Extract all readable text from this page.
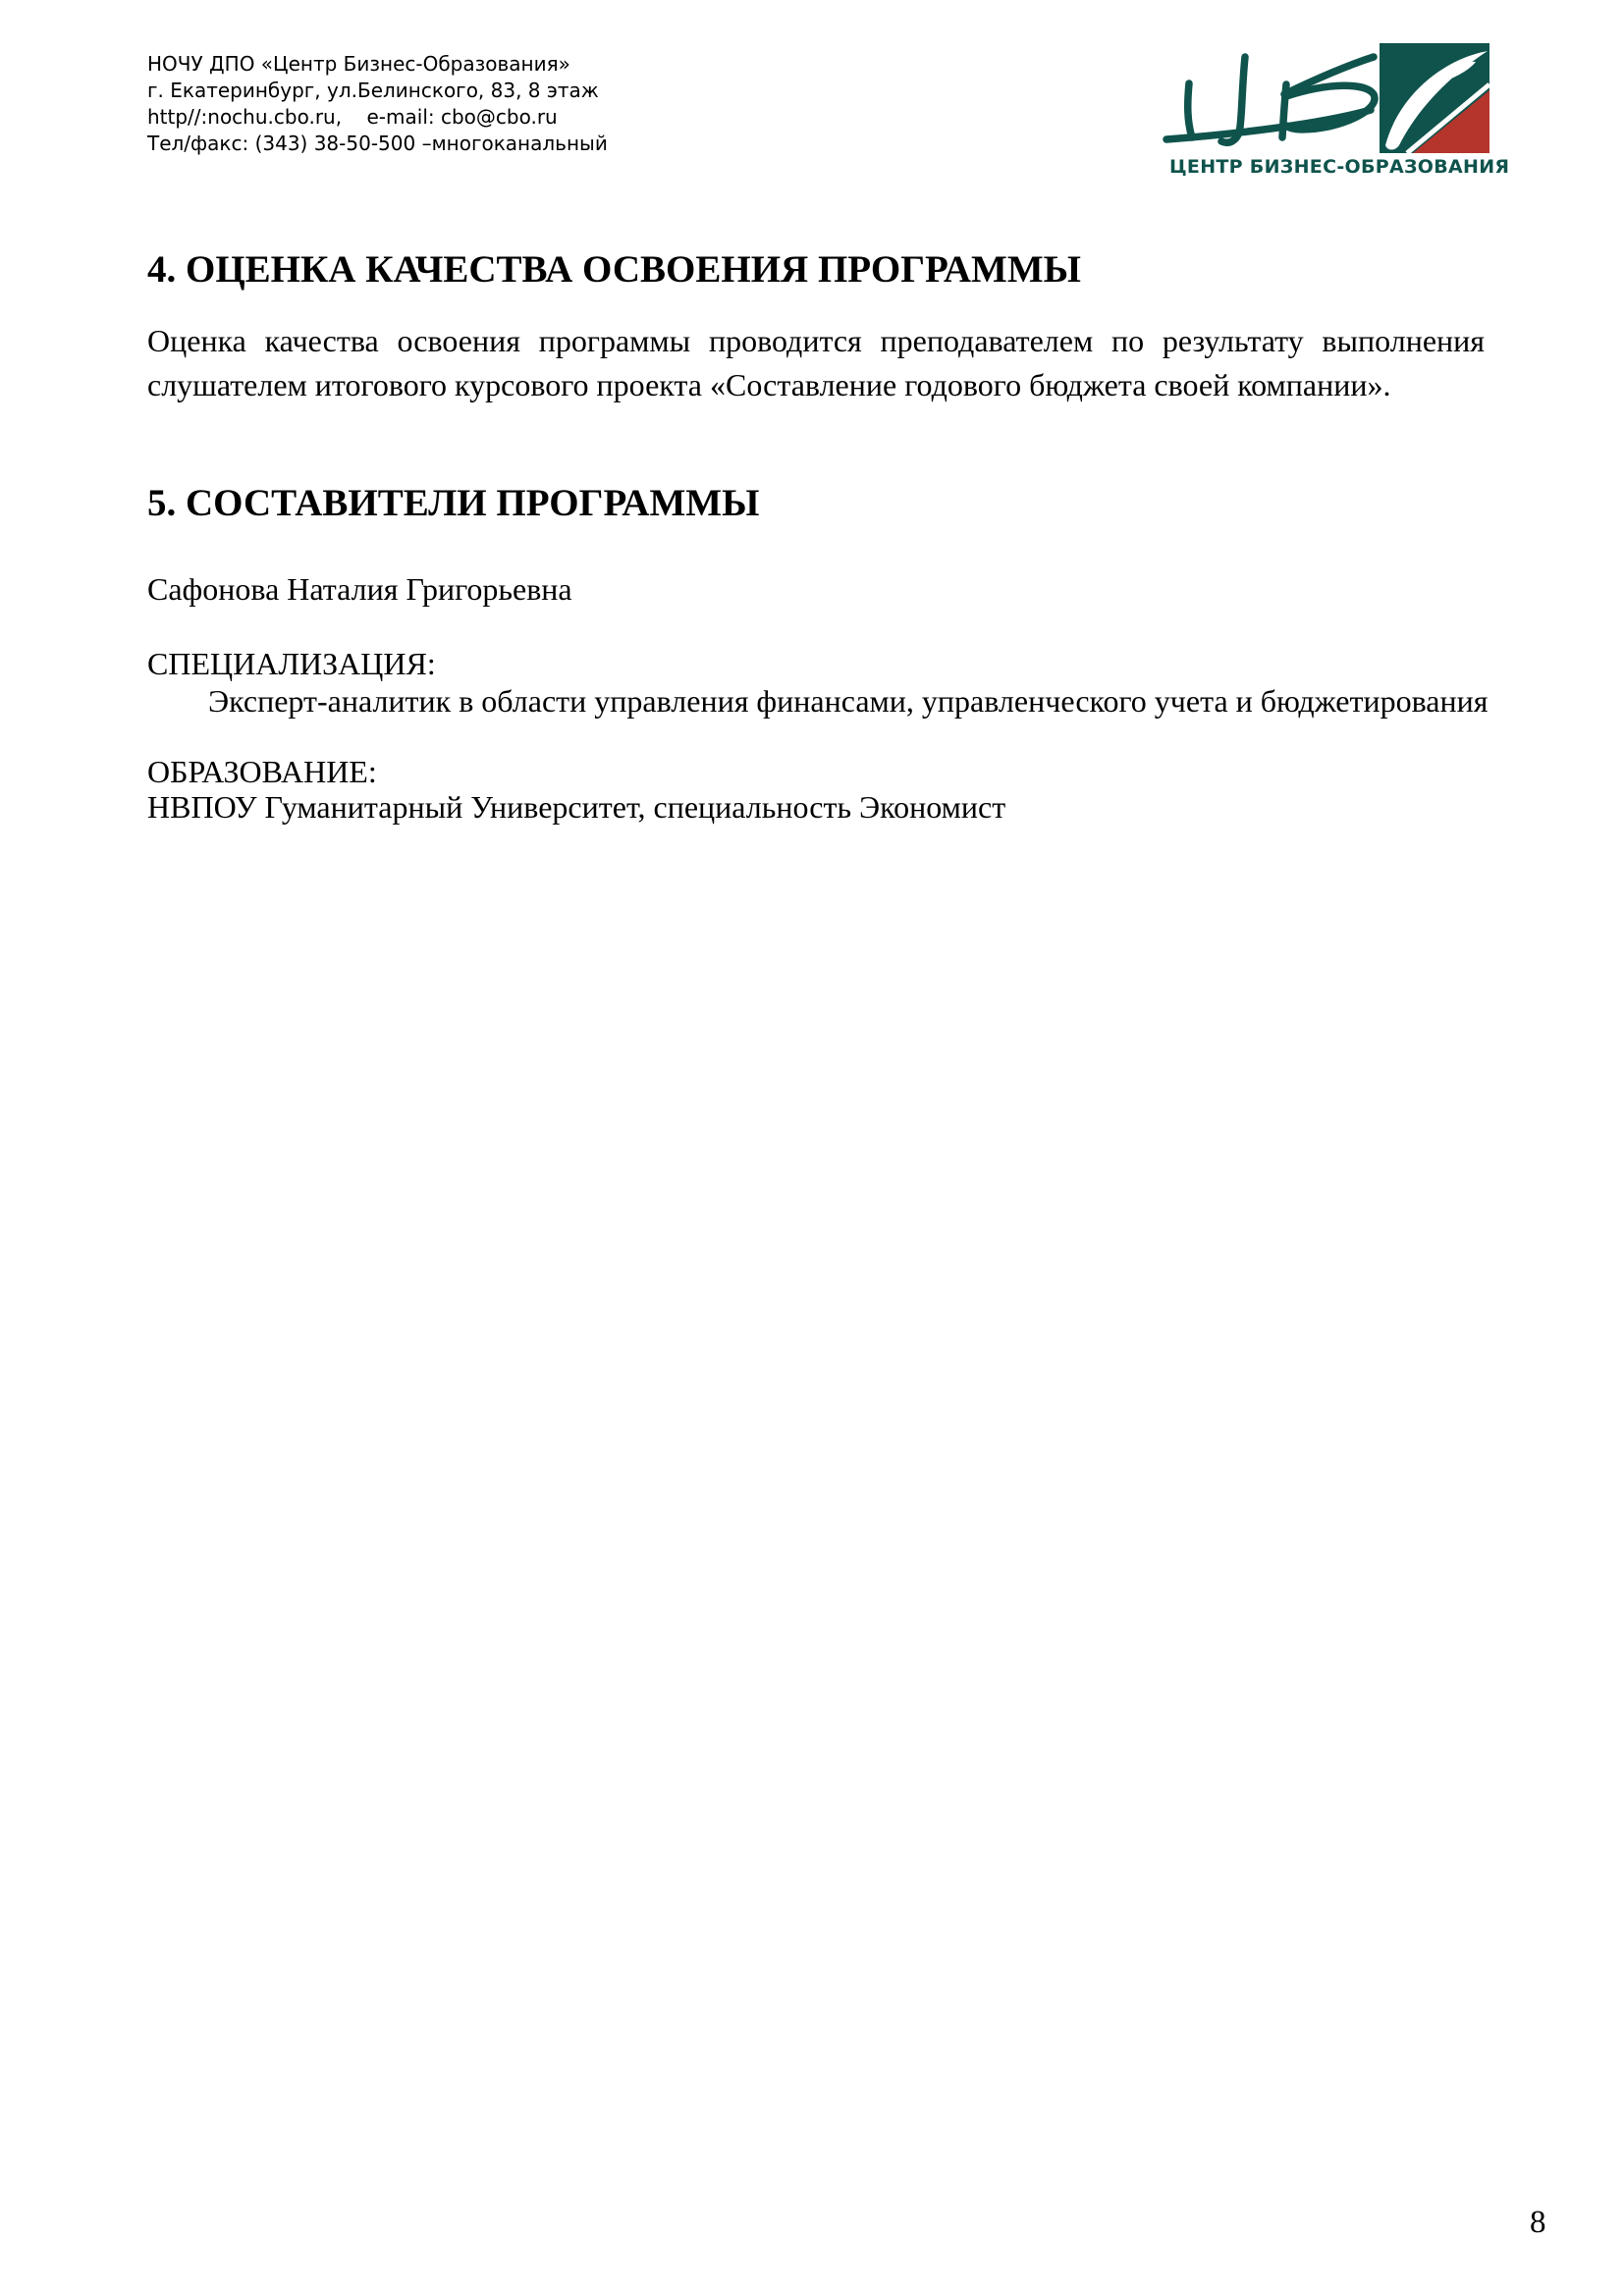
НОЧУ ДПО «Центр Бизнес-Образования»
г. Екатеринбург, ул.Белинского, 83, 8 этаж
http//:nochu.cbo.ru,    e-mail: cbo@cbo.ru
Тел/факс: (343) 38-50-500 –многоканальный
ЦЕНТР БИЗНЕС-ОБРАЗОВАНИЯ
4. ОЦЕНКА КАЧЕСТВА ОСВОЕНИЯ ПРОГРАММЫ
Оценка качества освоения программы проводится преподавателем по результату выполнения слушателем итогового курсового проекта «Составление годового бюджета своей компании».
5. СОСТАВИТЕЛИ ПРОГРАММЫ
Сафонова Наталия Григорьевна
СПЕЦИАЛИЗАЦИЯ:
Эксперт-аналитик в области управления финансами, управленческого учета и бюджетирования
ОБРАЗОВАНИЕ:
НВПОУ Гуманитарный Университет, специальность Экономист
8
